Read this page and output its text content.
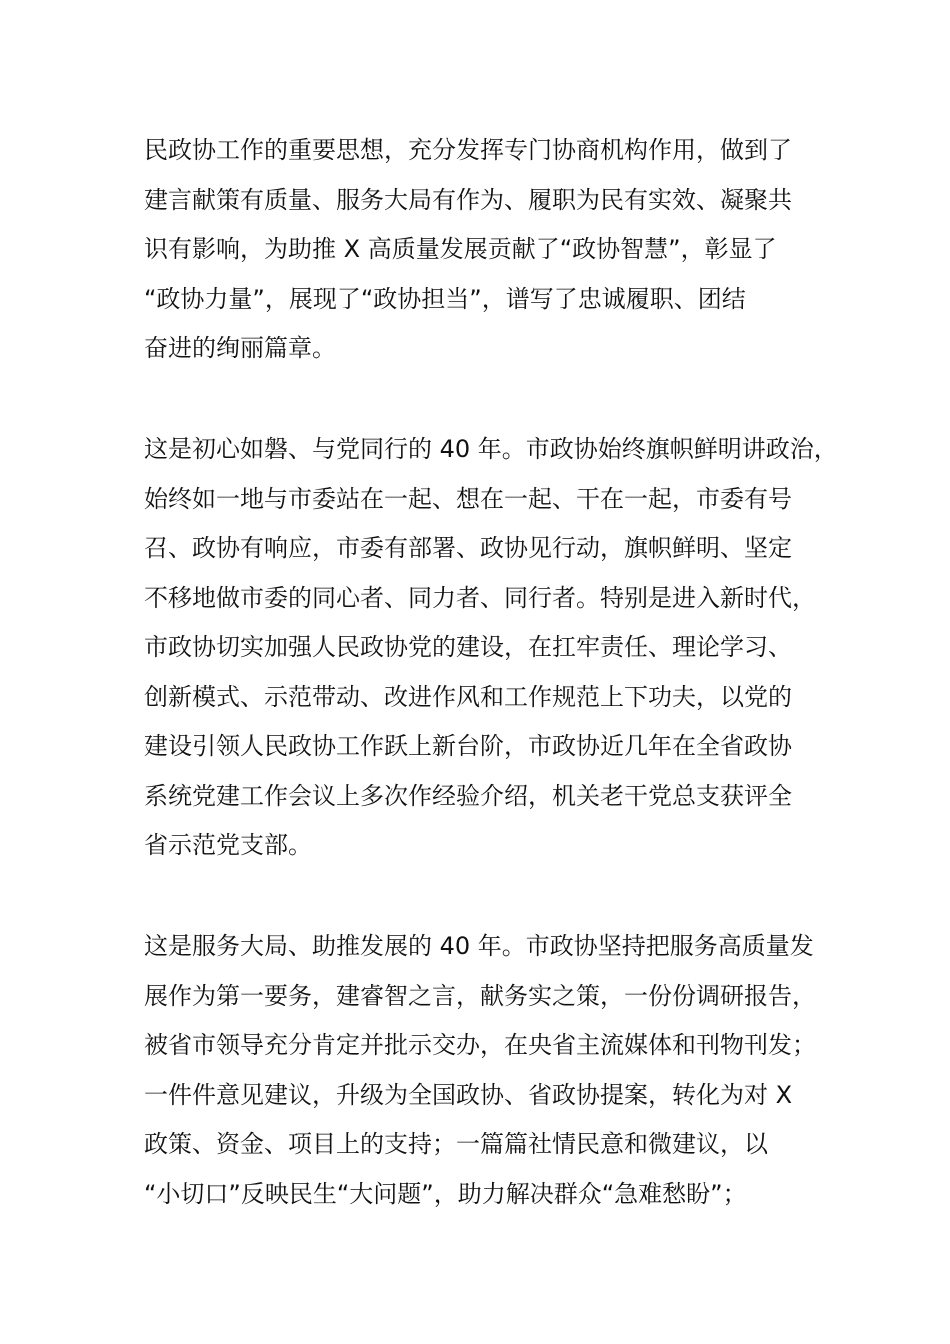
民政协工作的重要思想，充分发挥专门协商机构作用，做到了
建言献策有质量、服务大局有作为、履职为民有实效、凝聚共
识有影响，为助推 X 高质量发展贡献了“政协智慧”，彰显了
“政协力量”，展现了“政协担当”，谱写了忠诚履职、团结
奋进的绚丽篇章。
这是初心如磐、与党同行的 40 年。市政协始终旗帜鲜明讲政治，
始终如一地与市委站在一起、想在一起、干在一起，市委有号
召、政协有响应，市委有部署、政协见行动，旗帜鲜明、坚定
不移地做市委的同心者、同力者、同行者。特别是进入新时代，
市政协切实加强人民政协党的建设，在扛牢责任、理论学习、
创新模式、示范带动、改进作风和工作规范上下功夫，以党的
建设引领人民政协工作跃上新台阶，市政协近几年在全省政协
系统党建工作会议上多次作经验介绍，机关老干党总支获评全
省示范党支部。
这是服务大局、助推发展的 40 年。市政协坚持把服务高质量发
展作为第一要务，建睿智之言，献务实之策，一份份调研报告，
被省市领导充分肯定并批示交办，在央省主流媒体和刊物刊发；
一件件意见建议，升级为全国政协、省政协提案，转化为对 X
政策、资金、项目上的支持；一篇篇社情民意和微建议，以
“小切口”反映民生“大问题”，助力解决群众“急难愁盼”；
